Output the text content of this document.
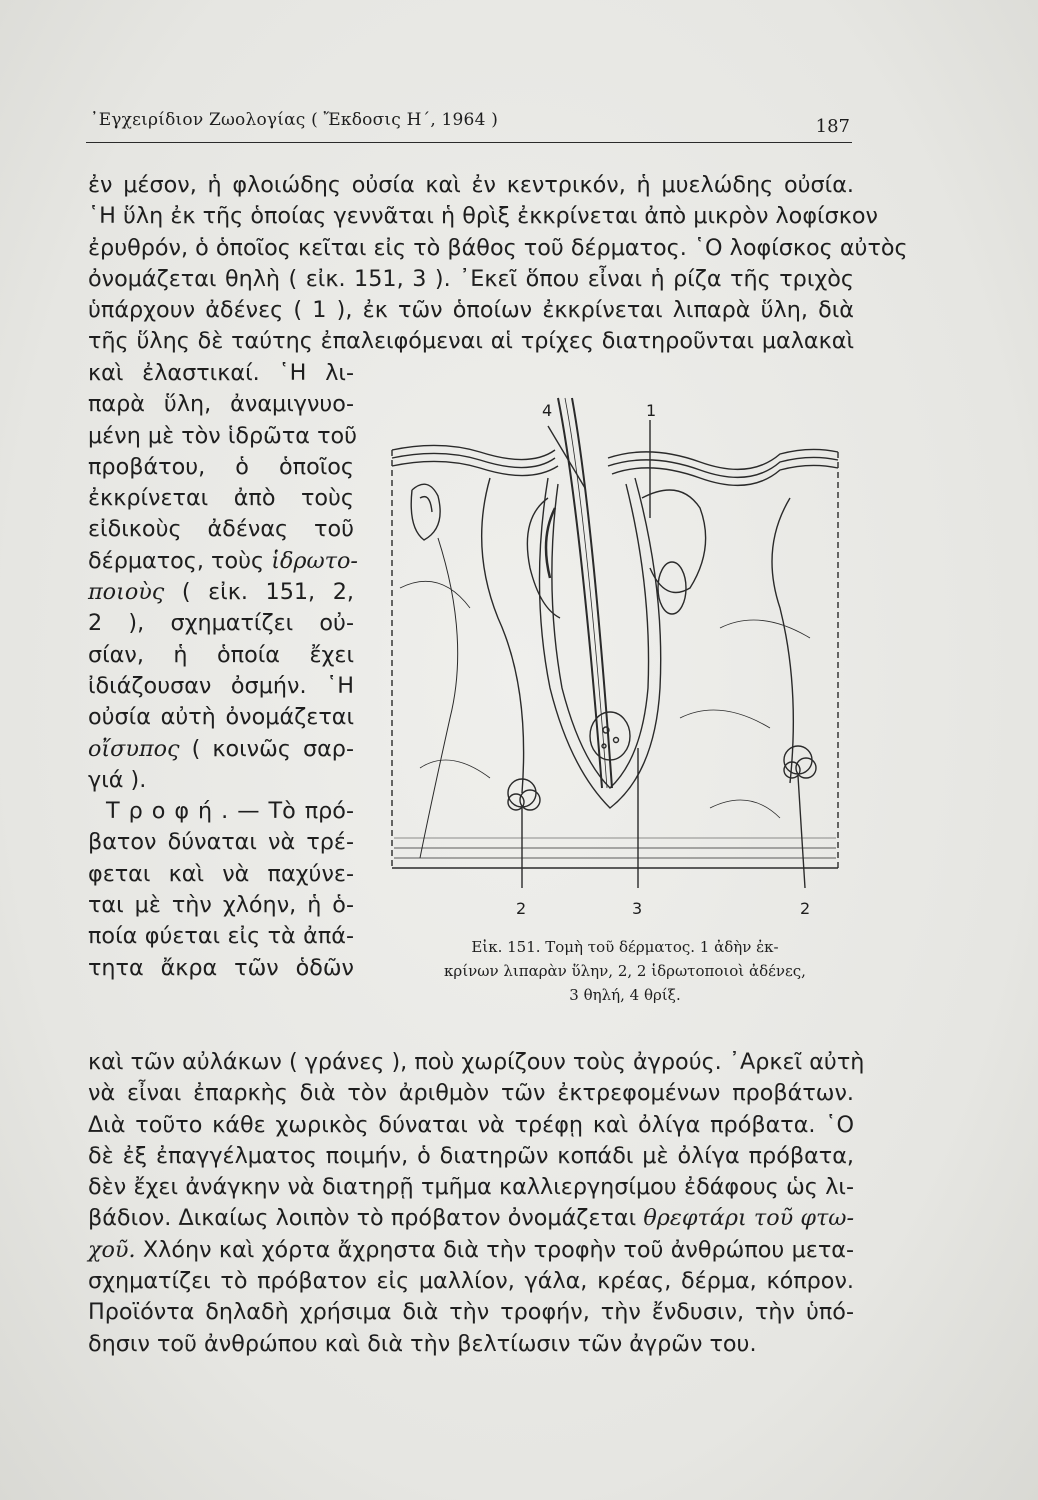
᾿Εγχειρίδιον Ζωολογίας ( Ἔκδοσις Η΄, 1964 )	187
ἐν μέσον, ἡ φλοιώδης οὐσία καὶ ἐν κεντρικόν, ἡ μυελώδης οὐσία.
῾Η ὕλη ἐκ τῆς ὁποίας γεννᾶται ἡ θρὶξ ἐκκρίνεται ἀπὸ μικρὸν λοφίσκον
ἐρυθρόν, ὁ ὁποῖος κεῖται εἰς τὸ βάθος τοῦ δέρματος. ῾Ο λοφίσκος αὐτὸς
ὀνομάζεται θηλὴ ( εἰκ. 151, 3 ). ᾿Εκεῖ ὅπου εἶναι ἡ ρίζα τῆς τριχὸς
ὑπάρχουν ἀδένες ( 1 ), ἐκ τῶν ὁποίων ἐκκρίνεται λιπαρὰ ὕλη, διὰ
τῆς ὕλης δὲ ταύτης ἐπαλειφόμεναι αἱ τρίχες διατηροῦνται μαλακαὶ
καὶ ἐλαστικαί. ῾Η λι-
παρὰ ὕλη, ἀναμιγνυο-
μένη μὲ τὸν ἱδρῶτα τοῦ
προβάτου, ὁ ὁποῖος
ἐκκρίνεται ἀπὸ τοὺς
εἰδικοὺς ἀδένας τοῦ
δέρματος, τοὺς ἱδρωτο-
ποιοὺς ( εἰκ. 151, 2,
2 ), σχηματίζει οὐ-
σίαν, ἡ ὁποία ἔχει
ἰδιάζουσαν ὀσμήν. ῾Η
οὐσία αὐτὴ ὀνομάζεται
οἴσυπος ( κοινῶς σαρ-
γιά ).
Τ ρ ο φ ή . — Τὸ πρό-
βατον δύναται νὰ τρέ-
φεται καὶ νὰ παχύνε-
ται μὲ τὴν χλόην, ἡ ὁ-
ποία φύεται εἰς τὰ ἀπά-
τητα ἄκρα τῶν ὁδῶν
4	1
2	3	2
Εἰκ. 151. Τομὴ τοῦ δέρματος. 1 ἀδὴν ἐκ-
κρίνων λιπαρὰν ὕλην, 2, 2 ἱδρωτοποιοὶ ἀδένες,
3 θηλή, 4 θρίξ.
καὶ τῶν αὐλάκων ( γράνες ), ποὺ χωρίζουν τοὺς ἀγρούς. ᾿Αρκεῖ αὐτὴ
νὰ εἶναι ἐπαρκὴς διὰ τὸν ἀριθμὸν τῶν ἐκτρεφομένων προβάτων.
Διὰ τοῦτο κάθε χωρικὸς δύναται νὰ τρέφῃ καὶ ὀλίγα πρόβατα. ῾Ο
δὲ ἐξ ἐπαγγέλματος ποιμήν, ὁ διατηρῶν κοπάδι μὲ ὀλίγα πρόβατα,
δὲν ἔχει ἀνάγκην νὰ διατηρῇ τμῆμα καλλιεργησίμου ἐδάφους ὡς λι-
βάδιον. Δικαίως λοιπὸν τὸ πρόβατον ὀνομάζεται θρεφτάρι τοῦ φτω-
χοῦ. Χλόην καὶ χόρτα ἄχρηστα διὰ τὴν τροφὴν τοῦ ἀνθρώπου μετα-
σχηματίζει τὸ πρόβατον εἰς μαλλίον, γάλα, κρέας, δέρμα, κόπρον.
Προϊόντα δηλαδὴ χρήσιμα διὰ τὴν τροφήν, τὴν ἔνδυσιν, τὴν ὑπό-
δησιν τοῦ ἀνθρώπου καὶ διὰ τὴν βελτίωσιν τῶν ἀγρῶν του.
